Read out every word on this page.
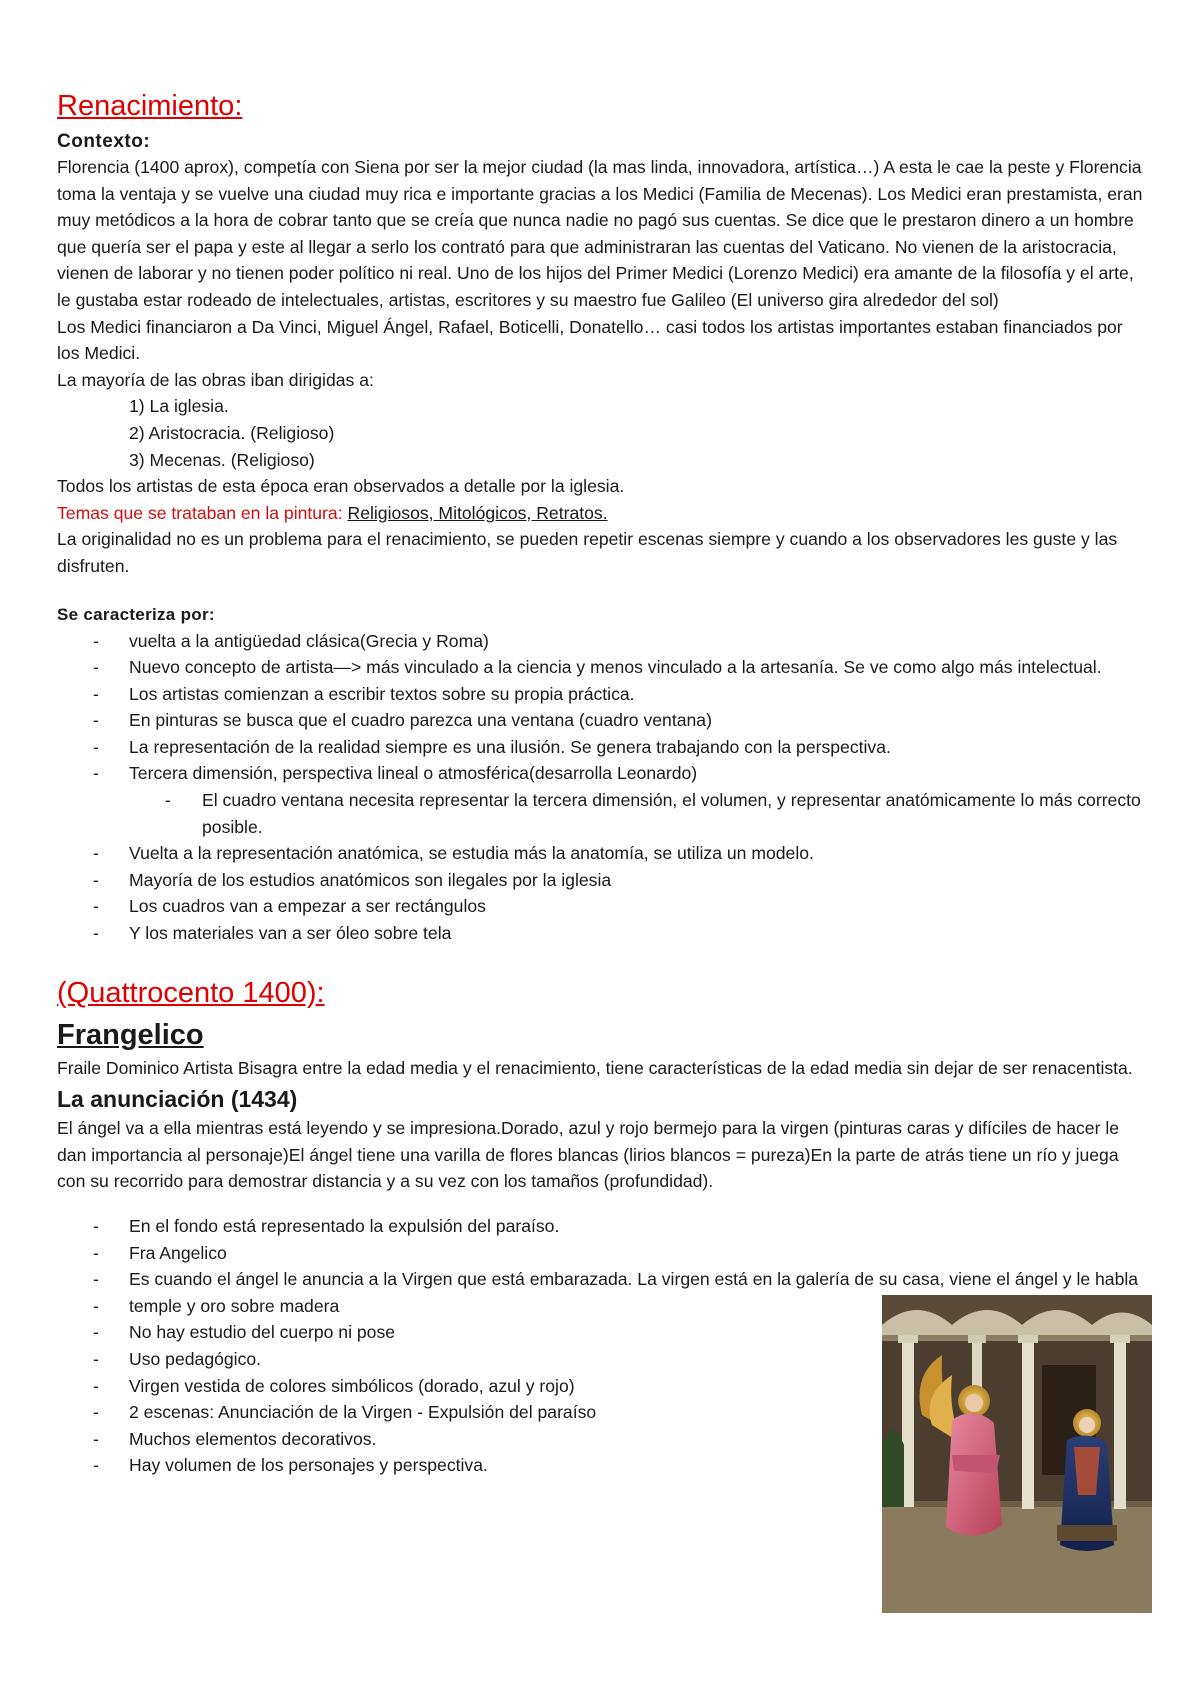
Renacimiento:
Contexto:

Florencia (1400 aprox), competía con Siena por ser la mejor ciudad (la mas linda, innovadora, artística…) A esta le cae la peste y Florencia toma la ventaja y se vuelve una ciudad muy rica e importante gracias a los Medici (Familia de Mecenas). Los Medici eran prestamista, eran muy metódicos a la hora de cobrar tanto que se creía que nunca nadie no pagó sus cuentas. Se dice que le prestaron dinero a un hombre que quería ser el papa y este al llegar a serlo los contrató para que administraran las cuentas del Vaticano. No vienen de la aristocracia, vienen de laborar y no tienen poder político ni real. Uno de los hijos del Primer Medici (Lorenzo Medici) era amante de la filosofía y el arte, le gustaba estar rodeado de intelectuales, artistas, escritores y su maestro fue Galileo (El universo gira alrededor del sol)

Los Medici financiaron a Da Vinci, Miguel Ángel, Rafael, Boticelli, Donatello… casi todos los artistas importantes estaban financiados por los Medici.

La mayoría de las obras iban dirigidas a:

1) La iglesia.

2) Aristocracia. (Religioso)

3) Mecenas. (Religioso)

Todos los artistas de esta época eran observados a detalle por la iglesia.

Temas que se trataban en la pintura: Religiosos, Mitológicos, Retratos.

La originalidad no es un problema para el renacimiento, se pueden repetir escenas siempre y cuando a los observadores les guste y las disfruten.

Se caracteriza por:
- vuelta a la antigüedad clásica(Grecia y Roma)
- Nuevo concepto de artista—> más vinculado a la ciencia y menos vinculado a la artesanía. Se ve como algo más intelectual.
- Los artistas comienzan a escribir textos sobre su propia práctica.
- En pinturas se busca que el cuadro parezca una ventana (cuadro ventana)
- La representación de la realidad siempre es una ilusión. Se genera trabajando con la perspectiva.
- Tercera dimensión, perspectiva lineal o atmosférica(desarrolla Leonardo)
- El cuadro ventana necesita representar la tercera dimensión, el volumen, y representar anatómicamente lo más correcto posible.
- Vuelta a la representación anatómica, se estudia más la anatomía, se utiliza un modelo.
- Mayoría de los estudios anatómicos son ilegales por la iglesia
- Los cuadros van a empezar a ser rectángulos
- Y los materiales van a ser óleo sobre tela
(Quattrocento 1400):
Frangelico

Fraile Dominico Artista Bisagra entre la edad media y el renacimiento, tiene características de la edad media sin dejar de ser renacentista.

La anunciación (1434)

El ángel va a ella mientras está leyendo y se impresiona.Dorado, azul y rojo bermejo para la virgen (pinturas caras y difíciles de hacer le dan importancia al personaje)El ángel tiene una varilla de flores blancas (lirios blancos = pureza)En la parte de atrás tiene un río y juega con su recorrido para demostrar distancia y a su vez con los tamaños (profundidad).

- En el fondo está representado la expulsión del paraíso.
- Fra Angelico
- Es cuando el ángel le anuncia a la Virgen que está embarazada. La virgen está en la galería de su casa, viene el ángel y le habla
- temple y oro sobre madera
- No hay estudio del cuerpo ni pose
- Uso pedagógico.
- Virgen vestida de colores simbólicos (dorado, azul y rojo)
- 2 escenas: Anunciación de la Virgen - Expulsión del paraíso
- Muchos elementos decorativos.
- Hay volumen de los personajes y perspectiva.
